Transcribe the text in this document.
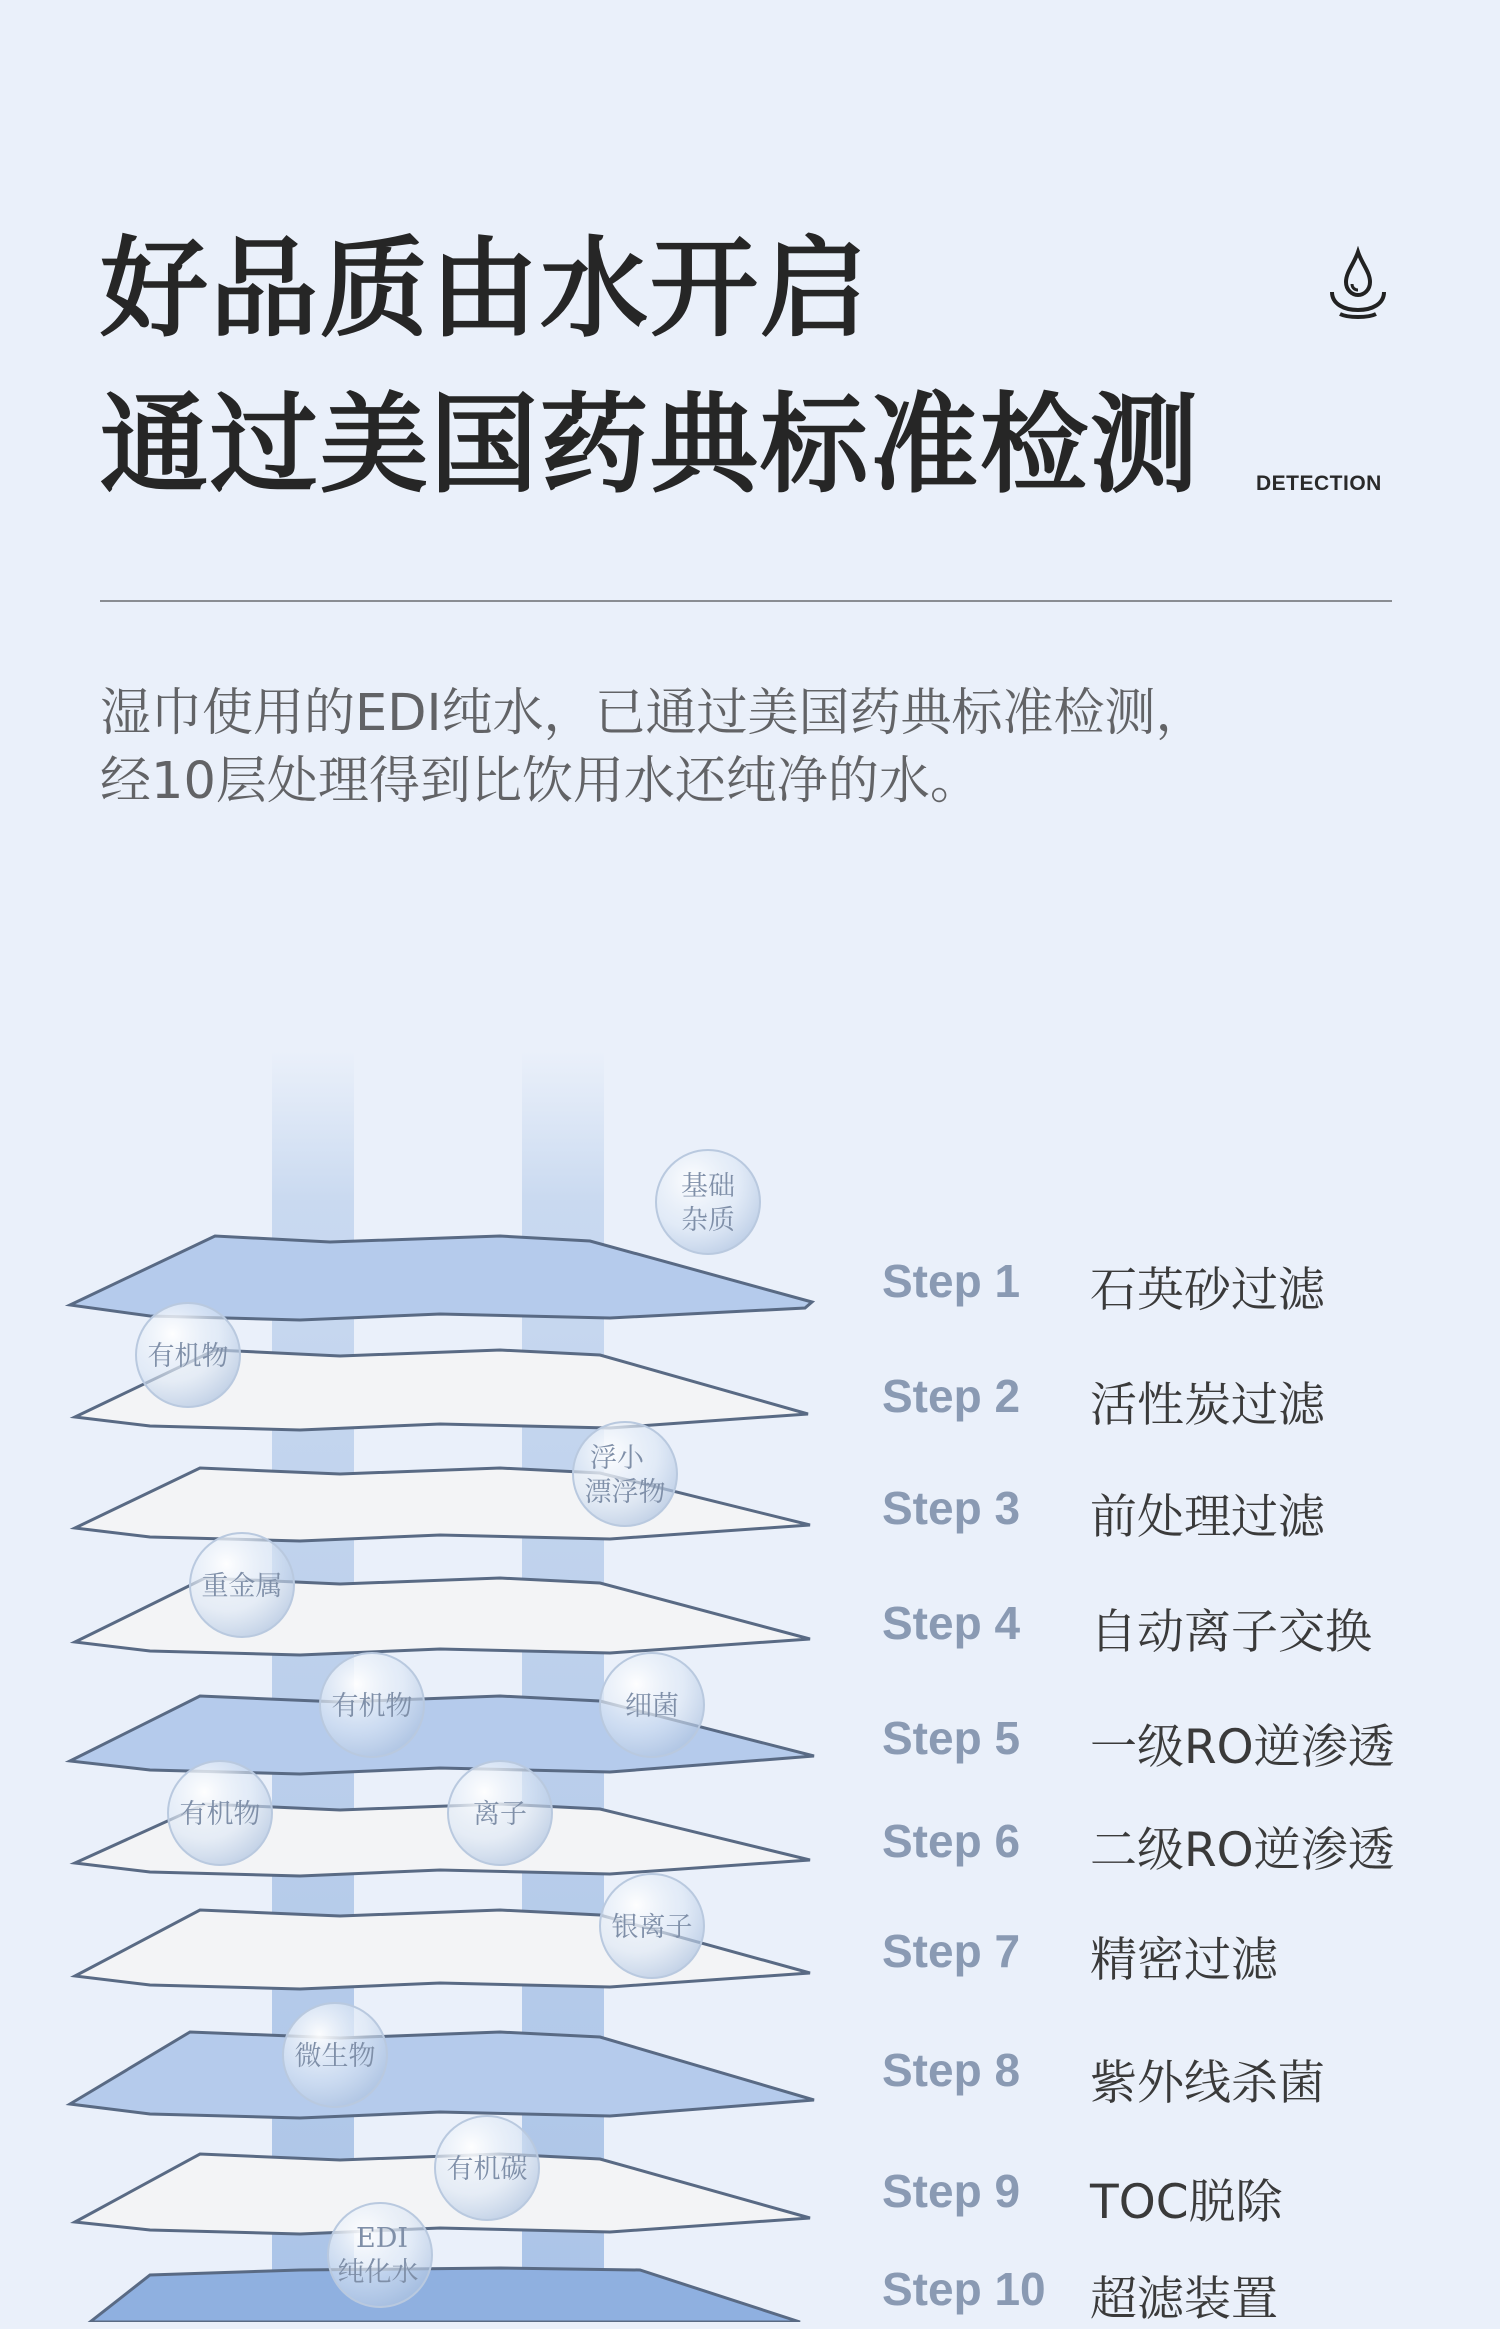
好品质由水开启
通过美国药典标准检测	DETECTION

湿巾使用的EDI纯水，已通过美国药典标准检测，
经10层处理得到比饮用水还纯净的水。

基础
杂质
有机物
浮小
漂浮物
重金属
有机物	细菌
有机物	离子
银离子
微生物
有机碳
EDI
纯化水
Step 1 石英砂过滤
Step 2 活性炭过滤
Step 3 前处理过滤
Step 4 自动离子交换
Step 5 一级RO逆渗透
Step 6 二级RO逆渗透
Step 7 精密过滤
Step 8 紫外线杀菌
Step 9 TOC脱除
Step 10 超滤装置
